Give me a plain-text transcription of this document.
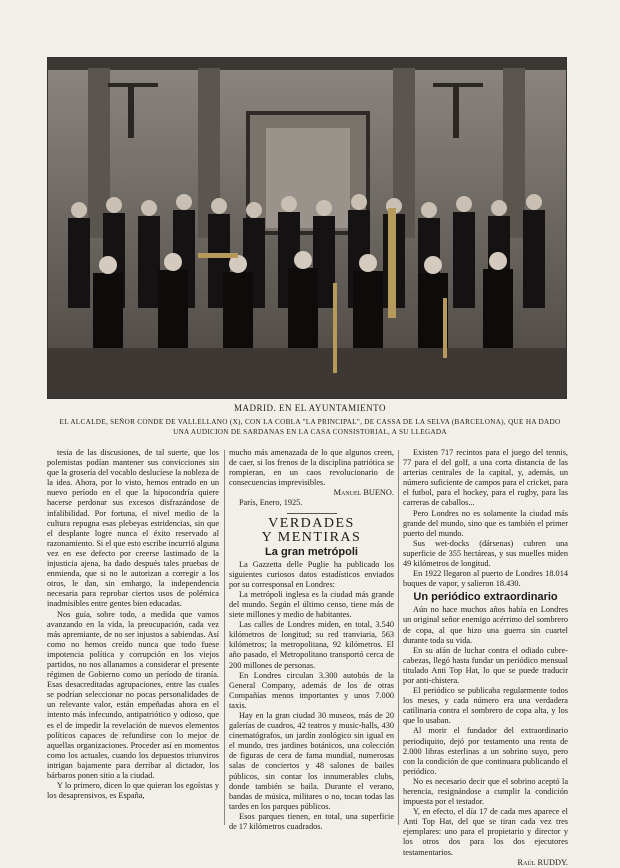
MADRID. EN EL AYUNTAMIENTO
EL ALCALDE, SEÑOR CONDE DE VALLELLANO (X), CON LA COBLA "LA PRINCIPAL", DE CASSA DE LA SELVA (BARCELONA), QUE HA DADO UNA AUDICION DE SARDANAS EN LA CASA CONSISTORIAL, A SU LLEGADA

tesia de las discusiones, de tal suerte, que los polemistas podían mantener sus convicciones sin que la grosería del vocablo deslucíese la nobleza de la idea. Ahora, por lo visto, hemos entrado en un nuevo período en el que la hipocondría quiere hacerse perdonar sus excesos disfrazándose de infalibilidad. Por fortuna, el nivel medio de la cultura repugna esas plebeyas estridencias, sin que el desplante logre nunca el éxito reservado al razonamiento. Si el que esto escribe incurrió alguna vez en ese defecto por creerse lastimado de la injusticia ajena, ha dado después tales pruebas de enmienda, que si no le autorizan a corregir a los otros, le dan, sin embargo, la independencia necesaria para reprobar ciertos usos de polémica inadmisibles entre gentes bien educadas.

Nos guía, sobre todo, a medida que vamos avanzando en la vida, la preocupación, cada vez más apremiante, de no ser injustos a sabiendas. Así como no hemos creído nunca que todo fuese impotencia política y corrupción en los viejos partidos, no nos allanamos a considerar el presente régimen de Gobierno como un período de tiranía. Esas desacreditadas agrupaciones, entre las cuales se podrían seleccionar no pocas personalidades de un relevante valor, están empeñadas ahora en el intento más infecundo, antipatriótico y odioso, que es el de impedir la revelación de nuevos elementos políticos capaces de refundirse con lo mejor de aquellas organizaciones. Proceder así en momentos como los actuales, cuando los depuestos triunviros intrigan bajamente para derribar al dictador, los bárbaros ponen sitio a la ciudad.

Y lo primero, dicen lo que quieran los egoístas y los desaprensivos, es España,

mucho más amenazada de lo que algunos creen, de caer, si los frenos de la disciplina patriótica se rompieran, en un caos revolucionario de consecuencias imprevisibles.

Manuel BUENO.

París, Enero, 1925.

VERDADES
Y MENTIRAS
La gran metrópoli

La Gazzetta delle Puglie ha publicado los siguientes curiosos datos estadísticos enviados por su corresponsal en Londres:

La metrópoli inglesa es la ciudad más grande del mundo. Según el último censo, tiene más de siete millones y medio de habitantes.

Las calles de Londres miden, en total, 3.540 kilómetros de longitud; su red tranviaria, 563 kilómetros; la metropolitana, 92 kilómetros. El año pasado, el Metropolitano transportó cerca de 200 millones de personas.

En Londres circulan 3.300 autobús de la General Company, además de los de otras Compañías menos importantes y unos 7.000 taxis.

Hay en la gran ciudad 30 museos, más de 20 galerías de cuadros, 42 teatros y music-halls, 430 cinematógrafos, un jardín zoológico sin igual en el mundo, tres jardines botánicos, una colección de figuras de cera de fama mundial, numerosas salas de conciertos y 48 salones de bailes públicos, sin contar los innumerables clubs, donde también se baila. Durante el verano, bandas de música, militares o no, tocan todas las tardes en los parques públicos.

Esos parques tienen, en total, una superficie de 17 kilómetros cuadrados.

Existen 717 recintos para el juego del tennis, 77 para el del golf, a una corta distancia de las arterias centrales de la capital, y, además, un número suficiente de campos para el cricket, para el futbol, para el hockey, para el rugby, para las carreras de caballos...

Pero Londres no es solamente la ciudad más grande del mundo, sino que es también el primer puerto del mundo.

Sus wet-docks (dársenas) cubren una superficie de 355 hectáreas, y sus muelles miden 49 kilómetros de longitud.

En 1922 llegaron al puerto de Londres 18.014 buques de vapor, y salieron 18.430.

Un periódico extraordinario

Aún no hace muchos años había en Londres un original señor enemigo acérrimo del sombrero de copa, al que hizo una guerra sin cuartel durante toda su vida.

En su afán de luchar contra el odiado cubre-cabezas, llegó hasta fundar un periódico mensual titulado Anti Top Hat, lo que se puede traducir por anti-chistera.

El periódico se publicaba regularmente todos los meses, y cada número era una verdadera catilinaria contra el sombrero de copa alta, y los que lo usaban.

Al morir el fundador del extraordinario periodiquito, dejó por testamento una renta de 2.000 libras esterlinas a un sobrino suyo, pero con la condición de que continuara publicando el periódico.

No es necesario decir que el sobrino aceptó la herencia, resignándose a cumplir la condición impuesta por el testador.

Y, en efecto, el día 17 de cada mes aparece el Anti Top Hat, del que se tiran cada vez tres ejemplares: uno para el propietario y director y los otros dos para los dos ejecutores testamentarios.

Raúl RUDDY.
